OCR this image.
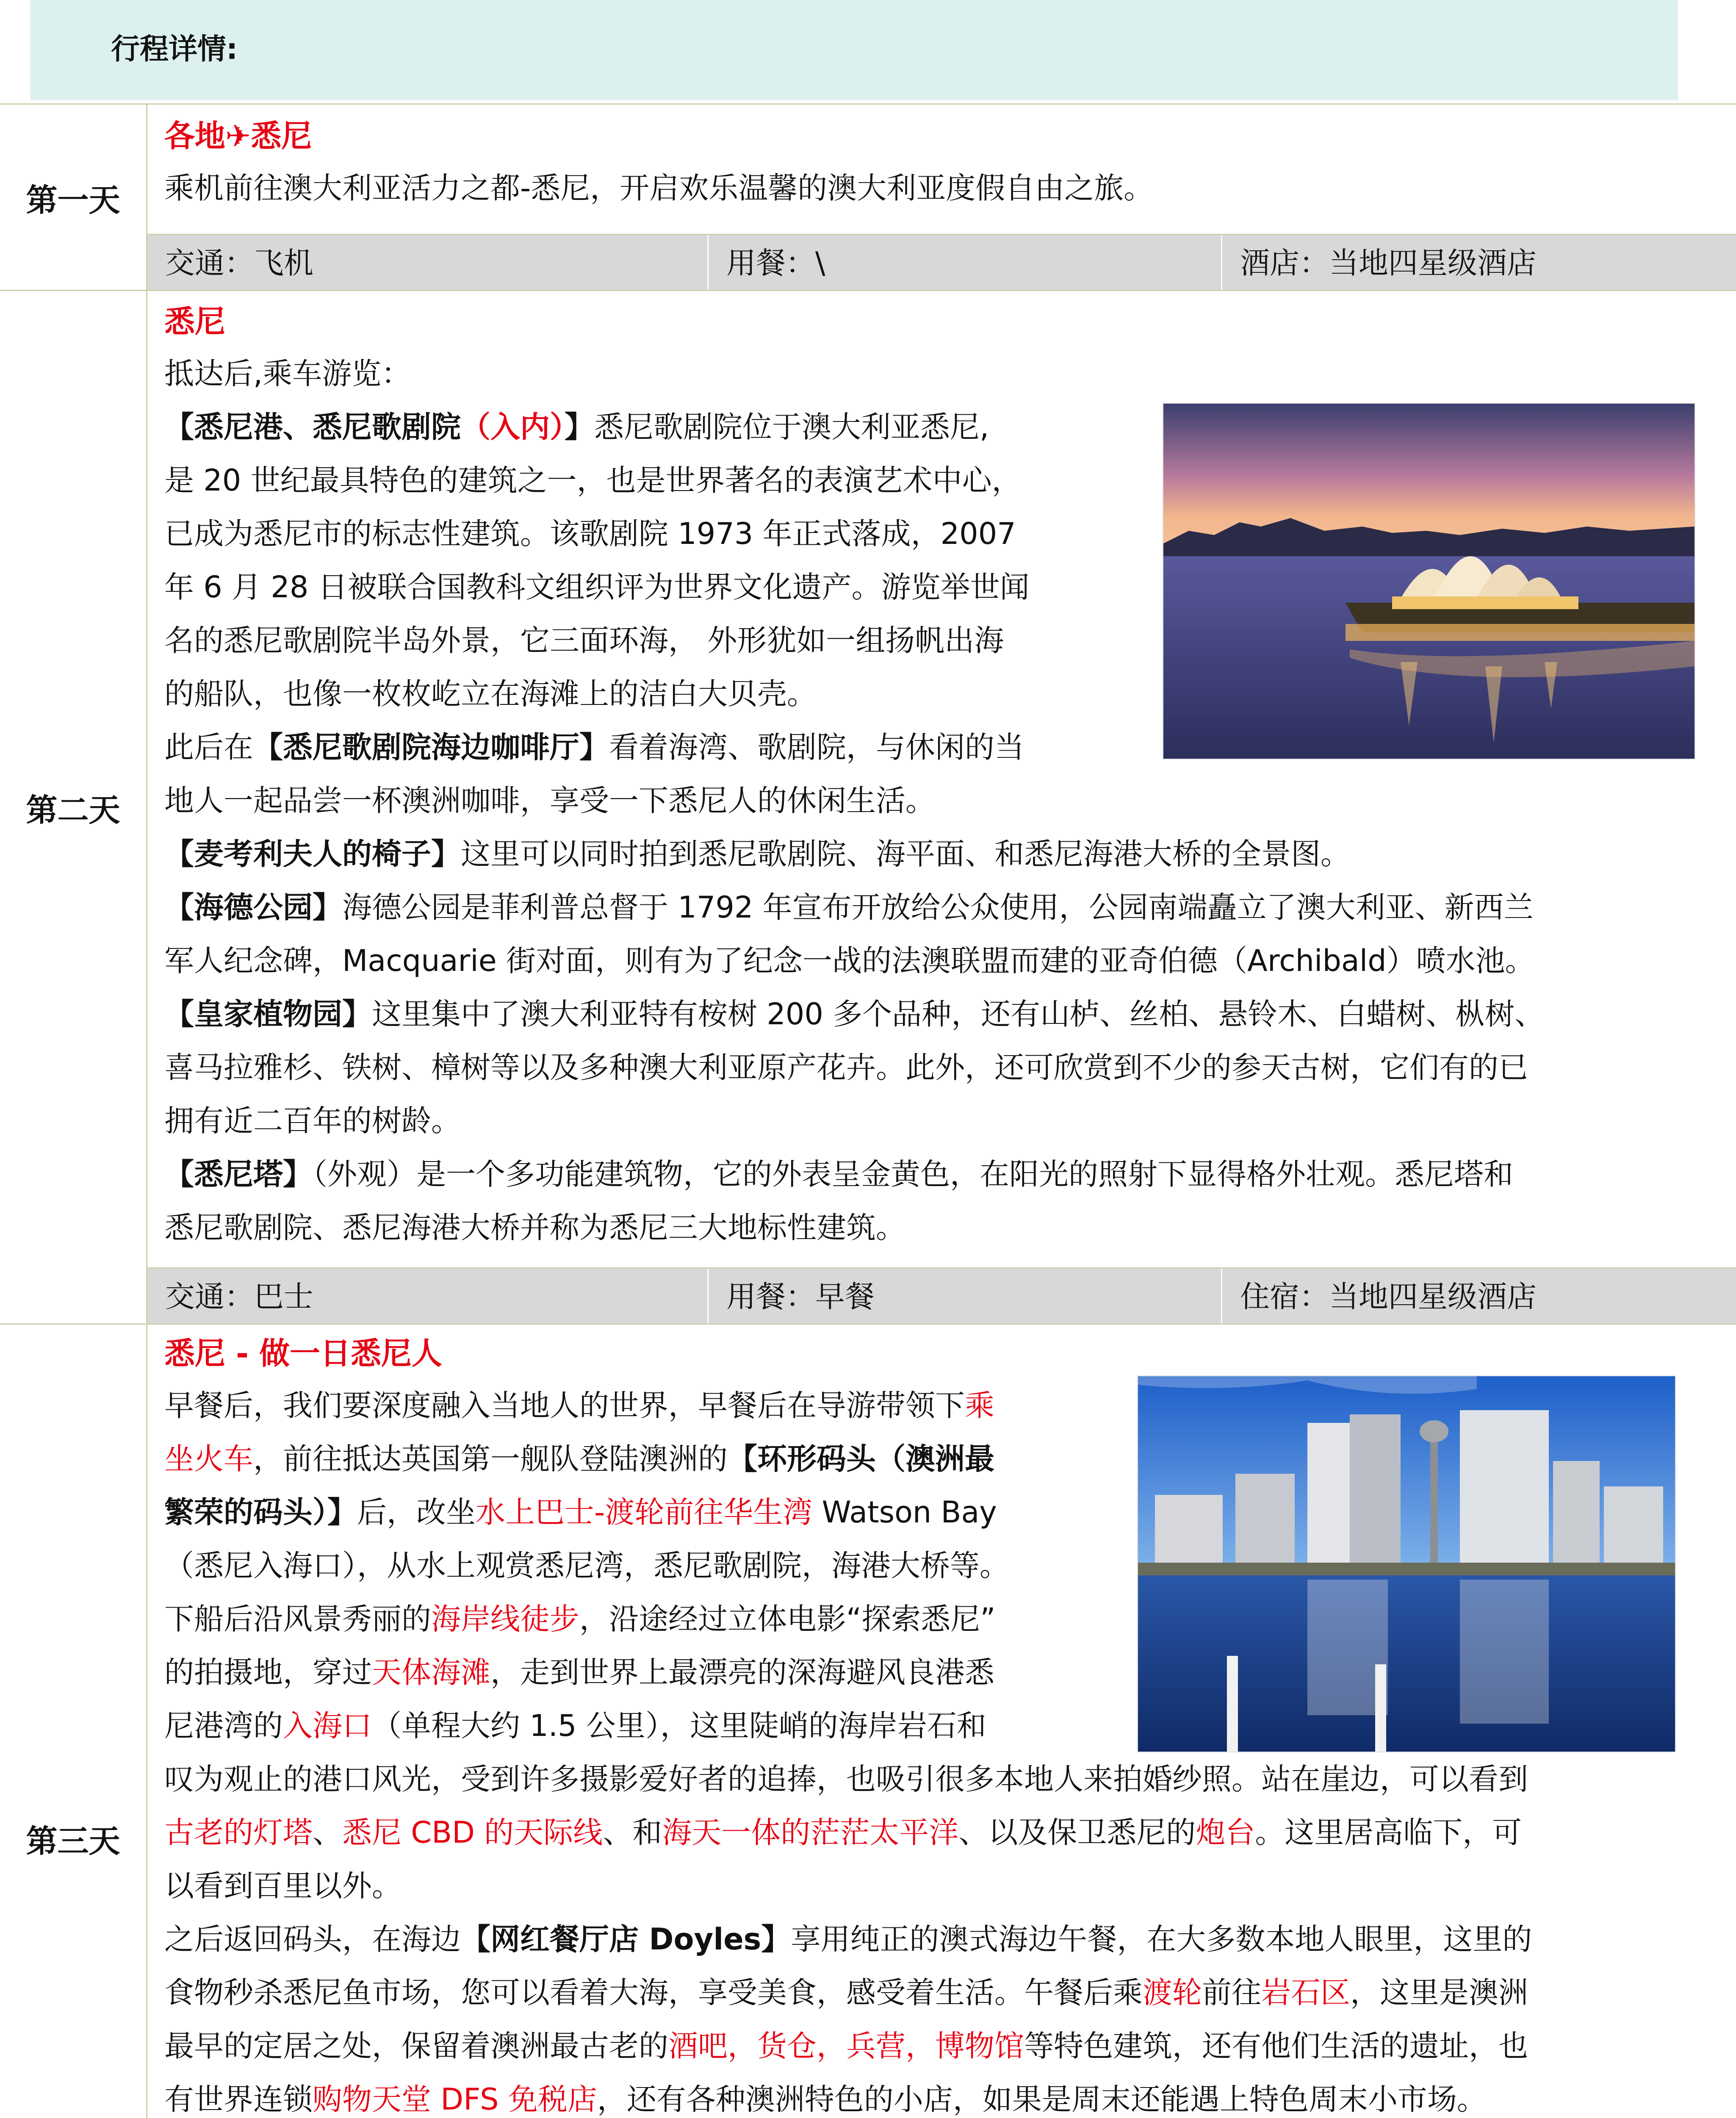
行程详情:
第一天

各地✈悉尼

乘机前往澳大利亚活力之都-悉尼，开启欢乐温馨的澳大利亚度假自由之旅。

交通：飞机	用餐：\	酒店：当地四星级酒店
第二天

悉尼

抵达后,乘车游览：

【悉尼港、悉尼歌剧院（入内）】悉尼歌剧院位于澳大利亚悉尼,

是 20 世纪最具特色的建筑之一，也是世界著名的表演艺术中心，

已成为悉尼市的标志性建筑。该歌剧院 1973 年正式落成，2007

年 6 月 28 日被联合国教科文组织评为世界文化遗产。游览举世闻

名的悉尼歌剧院半岛外景，它三面环海， 外形犹如一组扬帆出海

的船队，也像一枚枚屹立在海滩上的洁白大贝壳。

此后在【悉尼歌剧院海边咖啡厅】看着海湾、歌剧院，与休闲的当

地人一起品尝一杯澳洲咖啡，享受一下悉尼人的休闲生活。

【麦考利夫人的椅子】这里可以同时拍到悉尼歌剧院、海平面、和悉尼海港大桥的全景图。

【海德公园】海德公园是菲利普总督于 1792 年宣布开放给公众使用，公园南端矗立了澳大利亚、新西兰

军人纪念碑，Macquarie 街对面，则有为了纪念一战的法澳联盟而建的亚奇伯德（Archibald）喷水池。

【皇家植物园】这里集中了澳大利亚特有桉树 200 多个品种，还有山栌、丝柏、悬铃木、白蜡树、枞树、

喜马拉雅杉、铁树、樟树等以及多种澳大利亚原产花卉。此外，还可欣赏到不少的参天古树，它们有的已

拥有近二百年的树龄。

【悉尼塔】（外观）是一个多功能建筑物，它的外表呈金黄色，在阳光的照射下显得格外壮观。悉尼塔和

悉尼歌剧院、悉尼海港大桥并称为悉尼三大地标性建筑。

交通：巴士	用餐：早餐	住宿：当地四星级酒店
第三天

悉尼 - 做一日悉尼人

早餐后，我们要深度融入当地人的世界，早餐后在导游带领下乘

坐火车，前往抵达英国第一舰队登陆澳洲的【环形码头（澳洲最

繁荣的码头）】后，改坐水上巴士-渡轮前往华生湾 Watson Bay

（悉尼入海口），从水上观赏悉尼湾，悉尼歌剧院，海港大桥等。

下船后沿风景秀丽的海岸线徒步，沿途经过立体电影“探索悉尼”

的拍摄地，穿过天体海滩，走到世界上最漂亮的深海避风良港悉

尼港湾的入海口（单程大约 1.5 公里），这里陡峭的海岸岩石和

叹为观止的港口风光，受到许多摄影爱好者的追捧，也吸引很多本地人来拍婚纱照。站在崖边，可以看到

古老的灯塔、悉尼 CBD 的天际线、和海天一体的茫茫太平洋、以及保卫悉尼的炮台。这里居高临下，可

以看到百里以外。

之后返回码头，在海边【网红餐厅店 Doyles】享用纯正的澳式海边午餐，在大多数本地人眼里，这里的

食物秒杀悉尼鱼市场，您可以看着大海，享受美食，感受着生活。午餐后乘渡轮前往岩石区，这里是澳洲

最早的定居之处，保留着澳洲最古老的酒吧，货仓，兵营，博物馆等特色建筑，还有他们生活的遗址，也

有世界连锁购物天堂 DFS 免税店，还有各种澳洲特色的小店，如果是周末还能遇上特色周末小市场。
